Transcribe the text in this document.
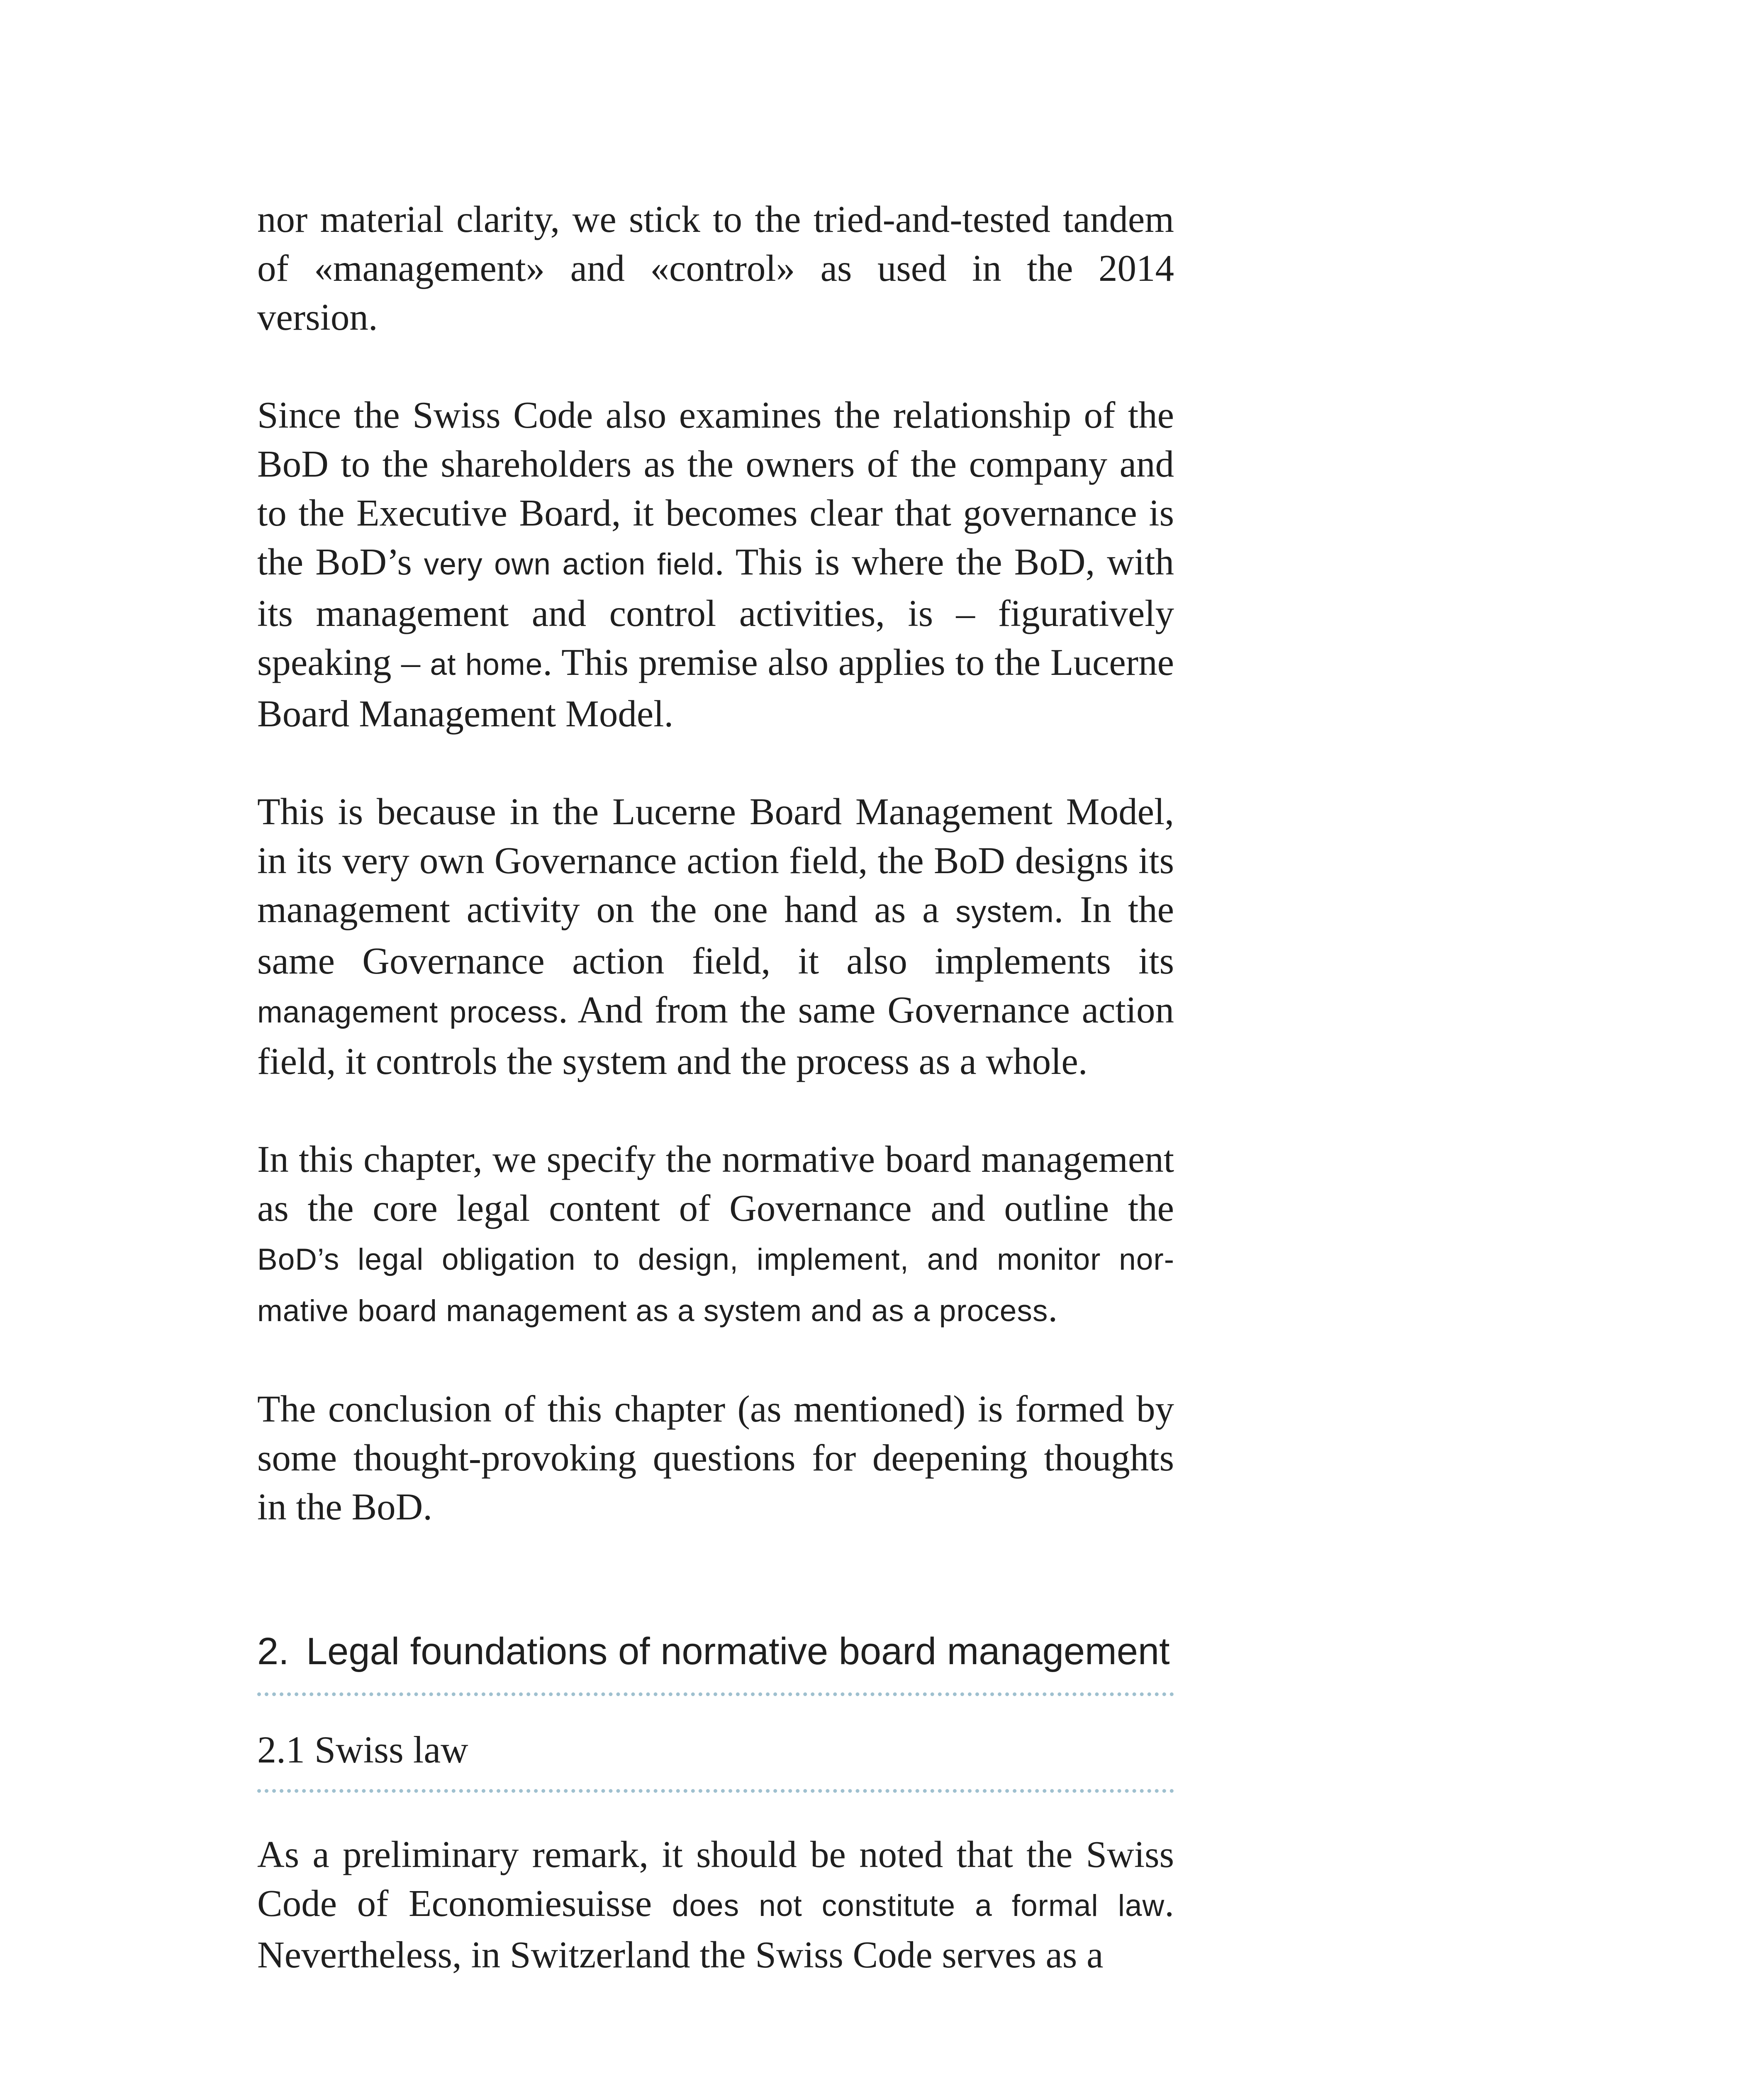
nor material clarity, we stick to the tried-and-tested tandem of «management» and «control» as used in the 2014 version.

Since the Swiss Code also examines the relationship of the BoD to the shareholders as the owners of the company and to the Executive Board, it becomes clear that governance is the BoD’s very own action field. This is where the BoD, with its management and control activities, is – figuratively speaking – at home. This premise also applies to the Lucerne Board Management Model.

This is because in the Lucerne Board Management Model, in its very own Governance action field, the BoD designs its management activity on the one hand as a system. In the same Governance action field, it also implements its management process. And from the same Governance action field, it controls the system and the process as a whole.

In this chapter, we specify the normative board management as the core legal content of Governance and outline the BoD’s legal obligation to design, implement, and monitor normative board management as a system and as a process.

The conclusion of this chapter (as mentioned) is formed by some thought-provoking questions for deepening thoughts in the BoD.

2. Legal foundations of normative board management
2.1 Swiss law

As a preliminary remark, it should be noted that the Swiss Code of Economiesuisse does not constitute a formal law. Nevertheless, in Switzerland the Swiss Code serves as a
